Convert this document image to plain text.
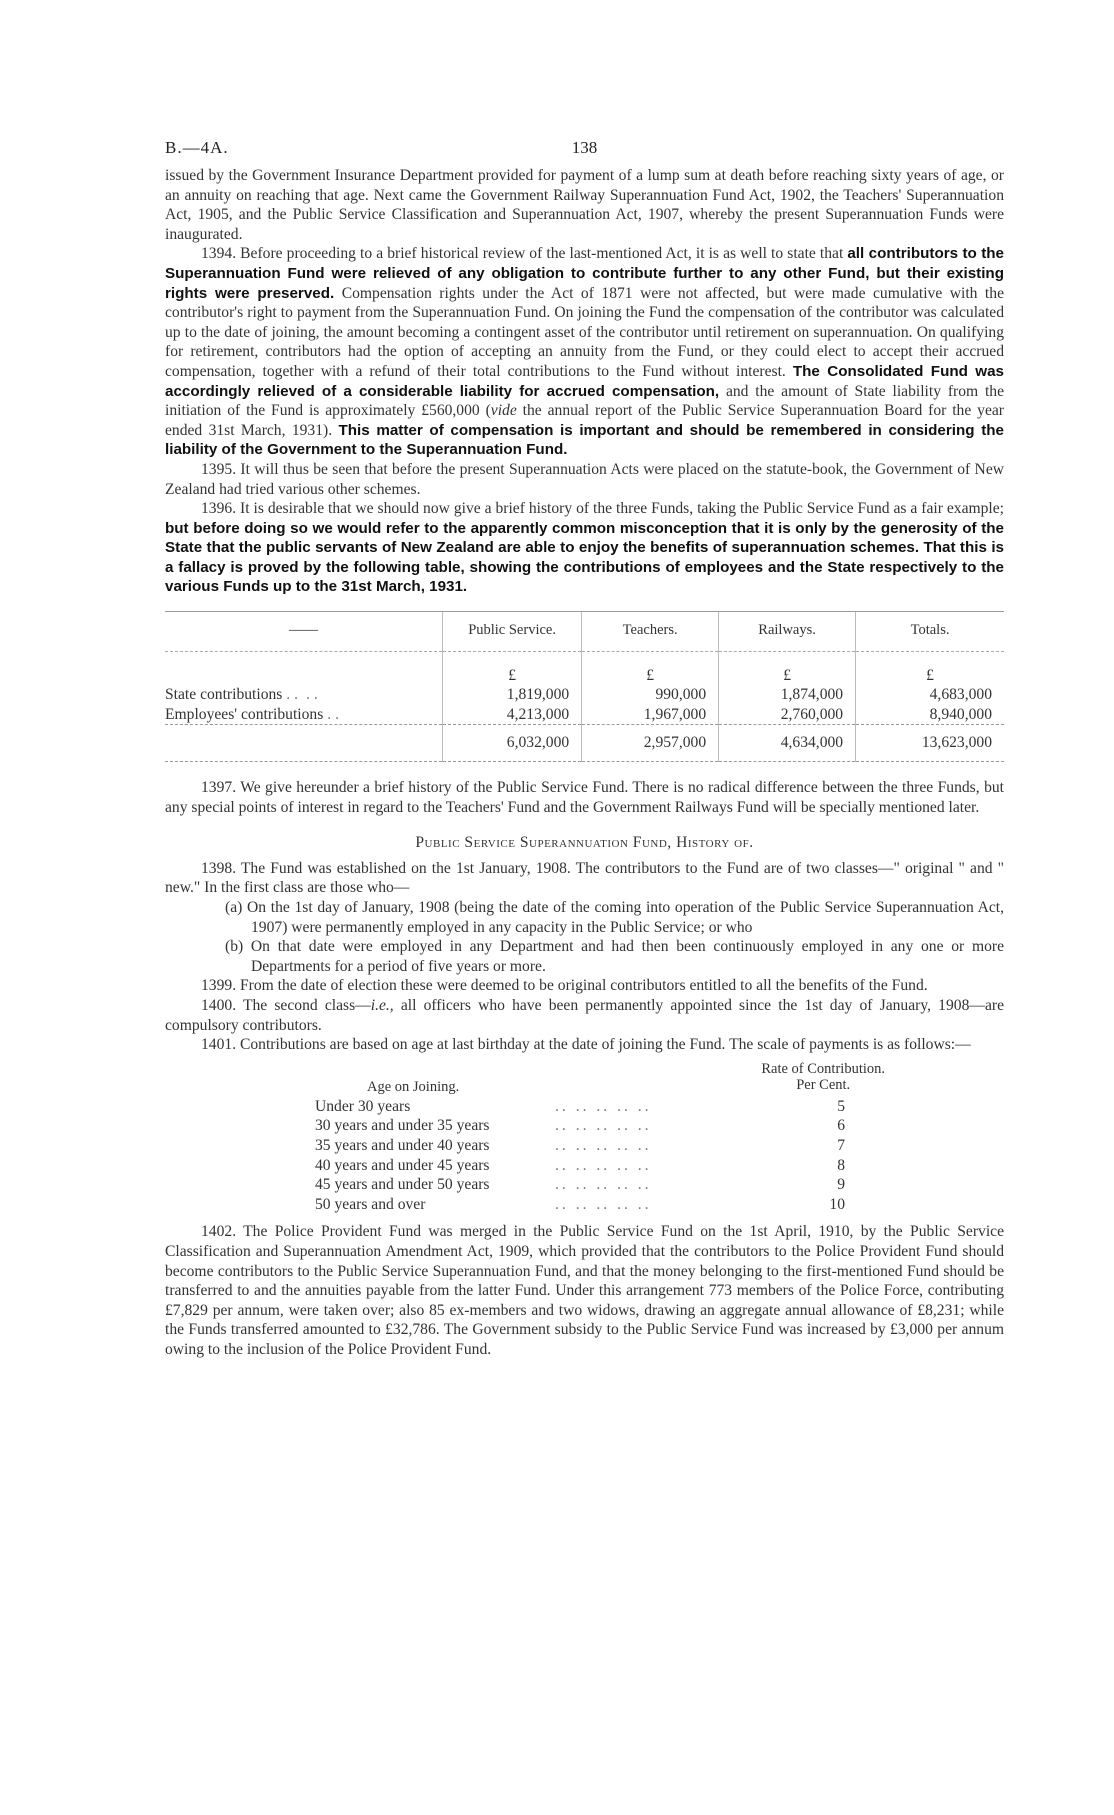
B.—4A.	138

issued by the Government Insurance Department provided for payment of a lump sum at death before reaching sixty years of age, or an annuity on reaching that age. Next came the Government Railway Superannuation Fund Act, 1902, the Teachers' Superannuation Act, 1905, and the Public Service Classification and Superannuation Act, 1907, whereby the present Superannuation Funds were inaugurated.

1394. Before proceeding to a brief historical review of the last-mentioned Act, it is as well to state that all contributors to the Superannuation Fund were relieved of any obligation to contribute further to any other Fund, but their existing rights were preserved. Compensation rights under the Act of 1871 were not affected, but were made cumulative with the contributor's right to payment from the Superannuation Fund. On joining the Fund the compensation of the contributor was calculated up to the date of joining, the amount becoming a contingent asset of the contributor until retirement on superannuation. On qualifying for retirement, contributors had the option of accepting an annuity from the Fund, or they could elect to accept their accrued compensation, together with a refund of their total contributions to the Fund without interest. The Consolidated Fund was accordingly relieved of a considerable liability for accrued compensation, and the amount of State liability from the initiation of the Fund is approximately £560,000 (vide the annual report of the Public Service Superannuation Board for the year ended 31st March, 1931). This matter of compensation is important and should be remembered in considering the liability of the Government to the Superannuation Fund.

1395. It will thus be seen that before the present Superannuation Acts were placed on the statute-book, the Government of New Zealand had tried various other schemes.

1396. It is desirable that we should now give a brief history of the three Funds, taking the Public Service Fund as a fair example; but before doing so we would refer to the apparently common misconception that it is only by the generosity of the State that the public servants of New Zealand are able to enjoy the benefits of superannuation schemes. That this is a fallacy is proved by the following table, showing the contributions of employees and the State respectively to the various Funds up to the 31st March, 1931.

——	Public Service.	Teachers.	Railways.	Totals.
	£	£	£	£
State contributions .. ..	1,819,000	990,000	1,874,000	4,683,000
Employees' contributions ..	4,213,000	1,967,000	2,760,000	8,940,000
	6,032,000	2,957,000	4,634,000	13,623,000

1397. We give hereunder a brief history of the Public Service Fund. There is no radical difference between the three Funds, but any special points of interest in regard to the Teachers' Fund and the Government Railways Fund will be specially mentioned later.

Public Service Superannuation Fund, History of.

1398. The Fund was established on the 1st January, 1908. The contributors to the Fund are of two classes—" original " and " new." In the first class are those who—

(a) On the 1st day of January, 1908 (being the date of the coming into operation of the Public Service Superannuation Act, 1907) were permanently employed in any capacity in the Public Service; or who

(b) On that date were employed in any Department and had then been continuously employed in any one or more Departments for a period of five years or more.

1399. From the date of election these were deemed to be original contributors entitled to all the benefits of the Fund.

1400. The second class—i.e., all officers who have been permanently appointed since the 1st day of January, 1908—are compulsory contributors.

1401. Contributions are based on age at last birthday at the date of joining the Fund. The scale of payments is as follows:—

Age on Joining.
Rate of Contribution.
Per Cent.
Under 30 years	.. .. .. .. ..	5
30 years and under 35 years	.. .. .. .. ..	6
35 years and under 40 years	.. .. .. .. ..	7
40 years and under 45 years	.. .. .. .. ..	8
45 years and under 50 years	.. .. .. .. ..	9
50 years and over	.. .. .. .. ..	10

1402. The Police Provident Fund was merged in the Public Service Fund on the 1st April, 1910, by the Public Service Classification and Superannuation Amendment Act, 1909, which provided that the contributors to the Police Provident Fund should become contributors to the Public Service Superannuation Fund, and that the money belonging to the first-mentioned Fund should be transferred to and the annuities payable from the latter Fund. Under this arrangement 773 members of the Police Force, contributing £7,829 per annum, were taken over; also 85 ex-members and two widows, drawing an aggregate annual allowance of £8,231; while the Funds transferred amounted to £32,786. The Government subsidy to the Public Service Fund was increased by £3,000 per annum owing to the inclusion of the Police Provident Fund.
